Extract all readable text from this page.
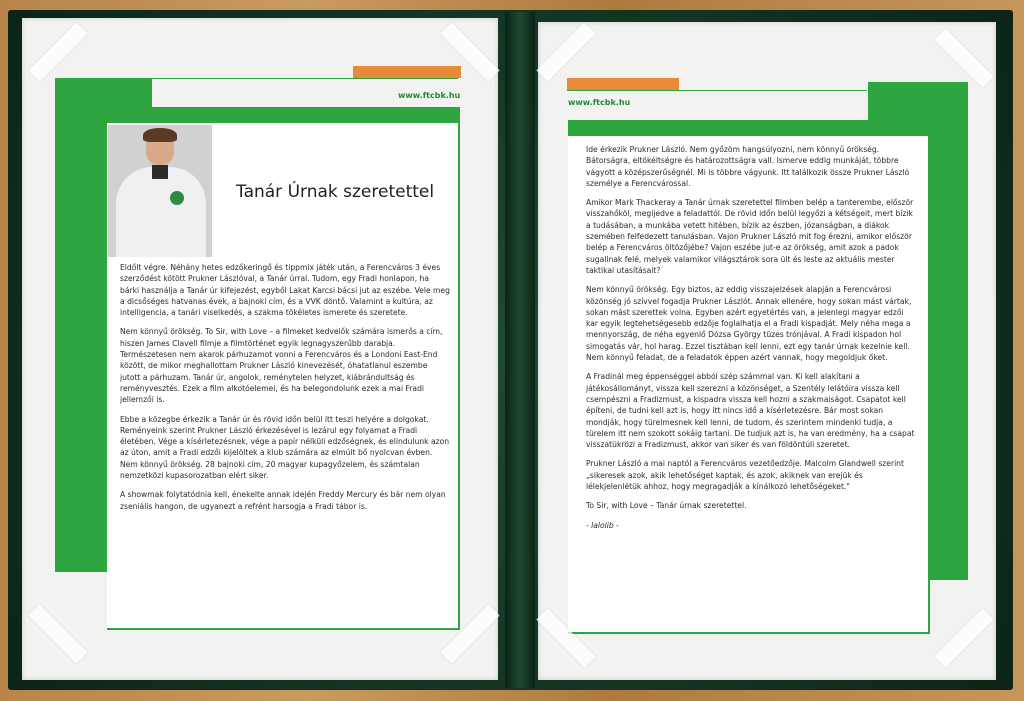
www.ftcbk.hu
Tanár Úrnak szeretettel

Eldőlt végre. Néhány hetes edzőkeringő és tippmix játék után, a Ferencváros 3 éves szerződést kötött Prukner Lászlóval, a Tanár úrral. Tudom, egy Fradi honlapon, ha bárki használja a Tanár úr kifejezést, egyből Lakat Karcsi bácsi jut az eszébe. Vele meg a dicsőséges hatvanas évek, a bajnoki cím, és a VVK döntő. Valamint a kultúra, az intelligencia, a tanári viselkedés, a szakma tökéletes ismerete és szeretete.

Nem könnyű örökség. To Sir, with Love – a filmeket kedvelők számára ismerős a cím, hiszen James Clavell filmje a filmtörténet egyik legnagyszerűbb darabja. Természetesen nem akarok párhuzamot vonni a Ferencváros és a Londoni East-End között, de mikor meghallottam Prukner László kinevezését, óhatatlanul eszembe jutott a párhuzam. Tanár úr, angolok, reménytelen helyzet, kiábrándultság és reményvesztés. Ezek a film alkotóelemei, és ha belegondolunk ezek a mai Fradi jellemzői is.

Ebbe a közegbe érkezik a Tanár úr és rövid időn belül itt teszi helyére a dolgokat. Reményeink szerint Prukner László érkezésével is lezárul egy folyamat a Fradi életében. Vége a kísérletezésnek, vége a papír nélküli edzőségnek, és elindulunk azon az úton, amit a Fradi edzői kijelöltek a klub számára az elmúlt bő nyolcvan évben. Nem könnyű örökség. 28 bajnoki cím, 20 magyar kupagyőzelem, és számtalan nemzetközi kupasorozatban elért siker.

A showmak folytatódnia kell, énekelte annak idején Freddy Mercury és bár nem olyan zseniális hangon, de ugyanezt a refrént harsogja a Fradi tábor is.

www.ftcbk.hu

Ide érkezik Prukner László. Nem győzöm hangsúlyozni, nem könnyű örökség. Bátorságra, eltökéltségre és határozottságra vall. Ismerve eddig munkáját, többre vágyott a középszerűségnél. Mi is többre vágyunk. Itt találkozik össze Prukner László személye a Ferencvárossal.

Amikor Mark Thackeray a Tanár úrnak szeretettel filmben belép a tanterembe, először visszahőköl, megijedve a feladattól. De rövid időn belül legyőzi a kétségeit, mert bízik a tudásában, a munkába vetett hitében, bízik az észben, józanságban, a diákok szemében felfedezett tanulásban. Vajon Prukner László mit fog érezni, amikor először belép a Ferencváros öltözőjébe? Vajon eszébe jut-e az örökség, amit azok a padok sugallnak felé, melyek valamikor világsztárok sora ült és leste az aktuális mester taktikai utasításait?

Nem könnyű örökség. Egy biztos, az eddig visszajelzések alapján a Ferencvárosi közönség jó szívvel fogadja Prukner Lászlót. Annak ellenére, hogy sokan mást vártak, sokan mást szerettek volna. Egyben azért egyetértés van, a jelenlegi magyar edzői kar egyik legtehetségesebb edzője foglalhatja el a Fradi kispadját. Mely néha maga a mennyország, de néha egyenlő Dózsa György tüzes trónjával. A Fradi kispadon hol simogatás vár, hol harag. Ezzel tisztában kell lenni, ezt egy tanár úrnak kezelnie kell. Nem könnyű feladat, de a feladatok éppen azért vannak, hogy megoldjuk őket.

A Fradinál meg éppenséggel abból szép számmal van. Ki kell alakítani a játékosállományt, vissza kell szerezni a közönséget, a Szentély lelátóira vissza kell csempészni a Fradizmust, a kispadra vissza kell hozni a szakmaiságot. Csapatot kell építeni, de tudni kell azt is, hogy itt nincs idő a kísérletezésre. Bár most sokan mondják, hogy türelmesnek kell lenni, de tudom, és szerintem mindenki tudja, a türelem itt nem szokott sokáig tartani. De tudjuk azt is, ha van eredmény, ha a csapat visszatükrözi a Fradizmust, akkor van siker és van földöntúli szeretet.

Prukner László a mai naptól a Ferencváros vezetőedzője. Malcolm Glandwell szerint „sikeresek azok, akik lehetőséget kaptak, és azok, akiknek van erejük és lélekjelenlétük ahhoz, hogy megragadják a kínálkozó lehetőségeket."

To Sir, with Love – Tanár úrnak szeretettel.

- lalolib -
